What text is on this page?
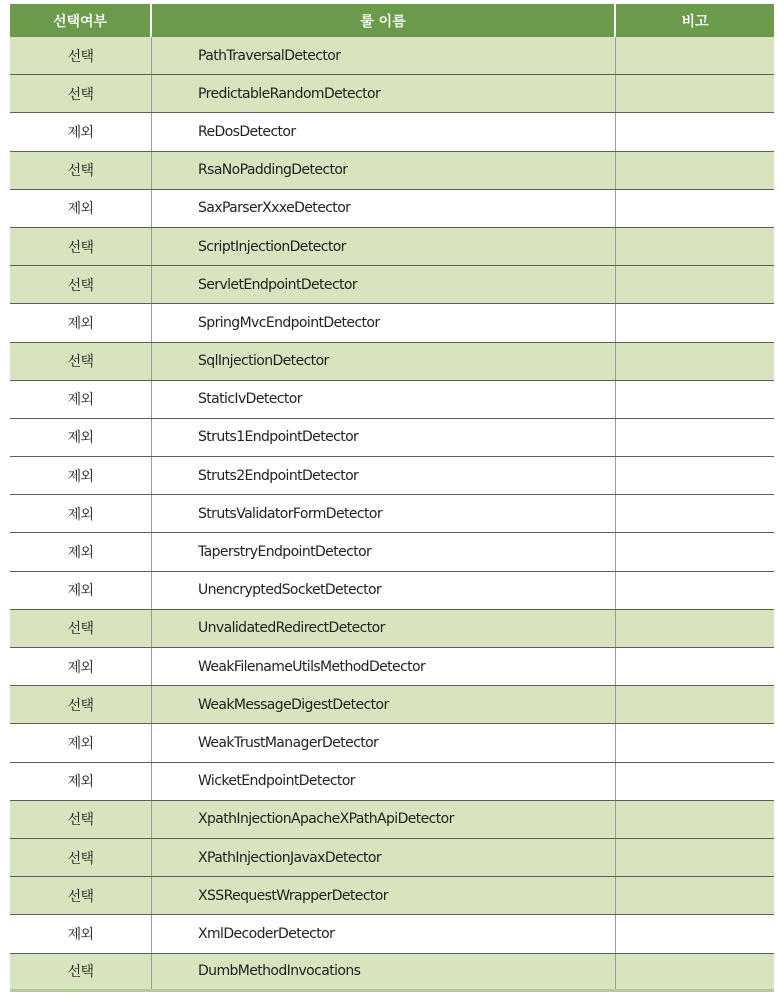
선택여부	룰 이름	비고
선택	PathTraversalDetector
선택	PredictableRandomDetector
제외	ReDosDetector
선택	RsaNoPaddingDetector
제외	SaxParserXxxeDetector
선택	ScriptInjectionDetector
선택	ServletEndpointDetector
제외	SpringMvcEndpointDetector
선택	SqlInjectionDetector
제외	StaticIvDetector
제외	Struts1EndpointDetector
제외	Struts2EndpointDetector
제외	StrutsValidatorFormDetector
제외	TaperstryEndpointDetector
제외	UnencryptedSocketDetector
선택	UnvalidatedRedirectDetector
제외	WeakFilenameUtilsMethodDetector
선택	WeakMessageDigestDetector
제외	WeakTrustManagerDetector
제외	WicketEndpointDetector
선택	XpathInjectionApacheXPathApiDetector
선택	XPathInjectionJavaxDetector
선택	XSSRequestWrapperDetector
제외	XmlDecoderDetector
선택	DumbMethodInvocations
